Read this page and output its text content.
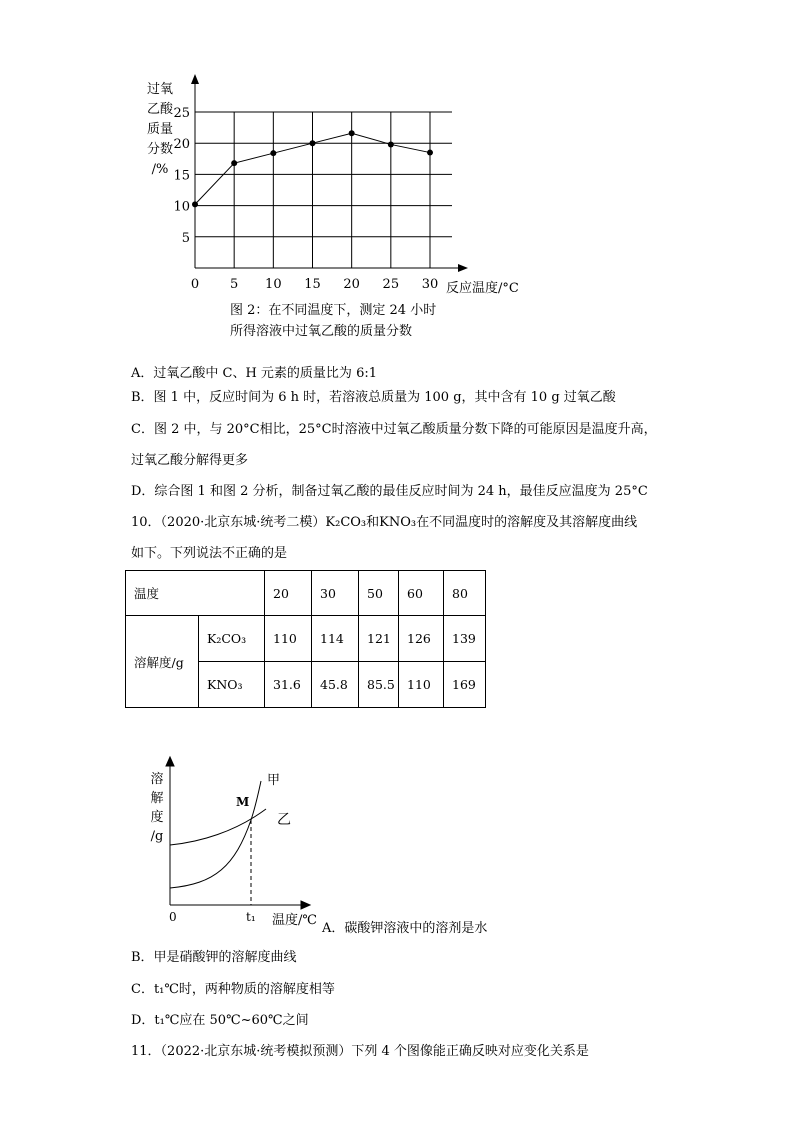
5
10
15
20
25
0 5 10 15 20 25 30
过氧
乙酸
质量
分数
/%
反应温度/°C
图 2：在不同温度下，测定 24 小时
所得溶液中过氧乙酸的质量分数
A．过氧乙酸中 C、H 元素的质量比为 6:1
B．图 1 中，反应时间为 6 h 时，若溶液总质量为 100 g，其中含有 10 g 过氧乙酸
C．图 2 中，与 20°C相比，25°C时溶液中过氧乙酸质量分数下降的可能原因是温度升高，
过氧乙酸分解得更多
D．综合图 1 和图 2 分析，制备过氧乙酸的最佳反应时间为 24 h，最佳反应温度为 25°C
10．（2020·北京东城·统考二模）K₂CO₃和KNO₃在不同温度时的溶解度及其溶解度曲线
如下。下列说法不正确的是
温度		20	30	50	60	80
溶解度/g	K₂CO₃	110	114	121	126	139
	KNO₃	31.6	45.8	85.5	110	169
溶
解
度
/g
甲
M
乙
0	t₁ 温度/℃
A．碳酸钾溶液中的溶剂是水
B．甲是硝酸钾的溶解度曲线
C．t₁℃时，两种物质的溶解度相等
D．t₁℃应在 50℃~60℃之间
11．（2022·北京东城·统考模拟预测）下列 4 个图像能正确反映对应变化关系是
